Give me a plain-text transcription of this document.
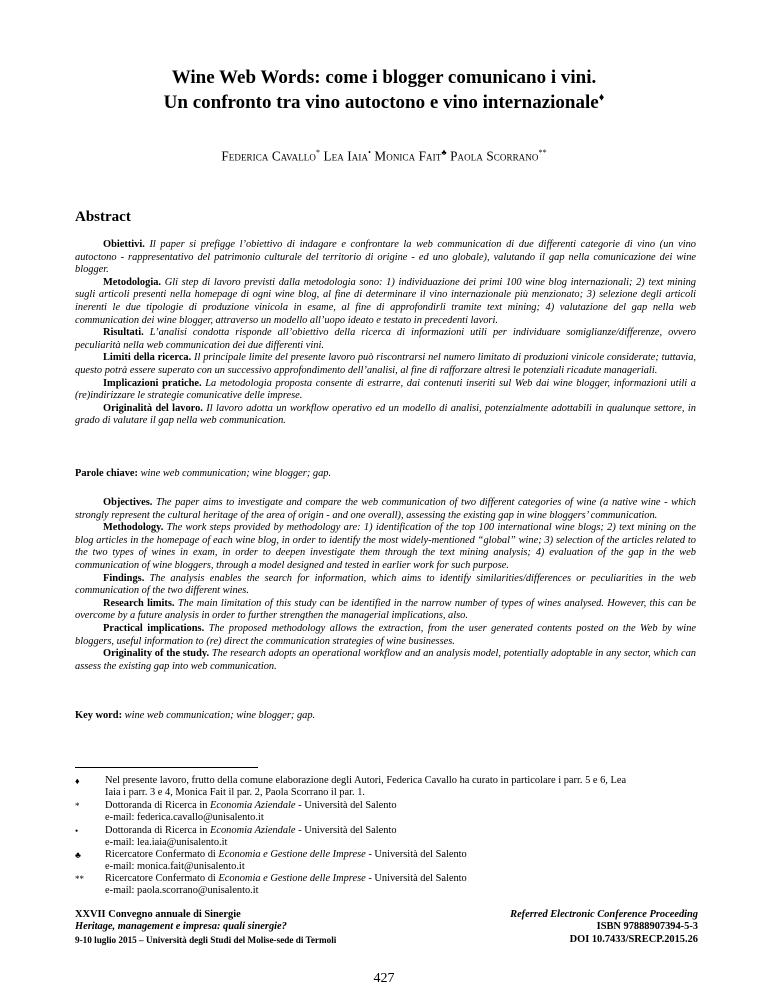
Wine Web Words: come i blogger comunicano i vini.
Un confronto tra vino autoctono e vino internazionale♦
Federica Cavallo* Lea Iaia• Monica Fait♣ Paola Scorrano**
Abstract

Obiettivi. Il paper si prefigge l’obiettivo di indagare e confrontare la web communication di due differenti categorie di vino (un vino autoctono - rappresentativo del patrimonio culturale del territorio di origine - ed uno globale), valutando il gap nella comunicazione dei wine blogger.

Metodologia. Gli step di lavoro previsti dalla metodologia sono: 1) individuazione dei primi 100 wine blog internazionali; 2) text mining sugli articoli presenti nella homepage di ogni wine blog, al fine di determinare il vino internazionale più menzionato; 3) selezione degli articoli inerenti le due tipologie di produzione vinicola in esame, al fine di approfondirli tramite text mining; 4) valutazione del gap nella web communication dei wine blogger, attraverso un modello all’uopo ideato e testato in precedenti lavori.

Risultati. L’analisi condotta risponde all’obiettivo della ricerca di informazioni utili per individuare somiglianze/differenze, ovvero peculiarità nella web communication dei due differenti vini.

Limiti della ricerca. Il principale limite del presente lavoro può riscontrarsi nel numero limitato di produzioni vinicole considerate; tuttavia, questo potrà essere superato con un successivo approfondimento dell’analisi, al fine di rafforzare altresì le potenziali ricadute manageriali.

Implicazioni pratiche. La metodologia proposta consente di estrarre, dai contenuti inseriti sul Web dai wine blogger, informazioni utili a (re)indirizzare le strategie comunicative delle imprese.

Originalità del lavoro. Il lavoro adotta un workflow operativo ed un modello di analisi, potenzialmente adottabili in qualunque settore, in grado di valutare il gap nella web communication.

Parole chiave: wine web communication; wine blogger; gap.

Objectives. The paper aims to investigate and compare the web communication of two different categories of wine (a native wine - which strongly represent the cultural heritage of the area of origin - and one overall), assessing the existing gap in wine bloggers’ communication.

Methodology. The work steps provided by methodology are: 1) identification of the top 100 international wine blogs; 2) text mining on the blog articles in the homepage of each wine blog, in order to identify the most widely-mentioned “global” wine; 3) selection of the articles related to the two types of wines in exam, in order to deepen investigate them through the text mining analysis; 4) evaluation of the gap in the web communication of wine bloggers, through a model designed and tested in earlier work for such purpose.

Findings. The analysis enables the search for information, which aims to identify similarities/differences or peculiarities in the web communication of the two different wines.

Research limits. The main limitation of this study can be identified in the narrow number of types of wines analysed. However, this can be overcome by a future analysis in order to further strengthen the managerial implications, also.

Practical implications. The proposed methodology allows the extraction, from the user generated contents posted on the Web by wine bloggers, useful information to (re) direct the communication strategies of wine businesses.

Originality of the study. The research adopts an operational workflow and an analysis model, potentially adoptable in any sector, which can assess the existing gap into web communication.

Key word: wine web communication; wine blogger; gap.
♦	Nel presente lavoro, frutto della comune elaborazione degli Autori, Federica Cavallo ha curato in particolare i parr. 5 e 6, Lea
Iaia i parr. 3 e 4, Monica Fait il par. 2, Paola Scorrano il par. 1.
*	Dottoranda di Ricerca in Economia Aziendale - Università del Salento
e-mail: federica.cavallo@unisalento.it
•	Dottoranda di Ricerca in Economia Aziendale - Università del Salento
e-mail: lea.iaia@unisalento.it
♣	Ricercatore Confermato di Economia e Gestione delle Imprese - Università del Salento
e-mail: monica.fait@unisalento.it
**	Ricercatore Confermato di Economia e Gestione delle Imprese - Università del Salento
e-mail: paola.scorrano@unisalento.it
XXVII Convegno annuale di Sinergie
Heritage, management e impresa: quali sinergie?
9-10 luglio 2015 – Università degli Studi del Molise-sede di Termoli
Referred Electronic Conference Proceeding
ISBN 97888907394-5-3
DOI 10.7433/SRECP.2015.26
427
